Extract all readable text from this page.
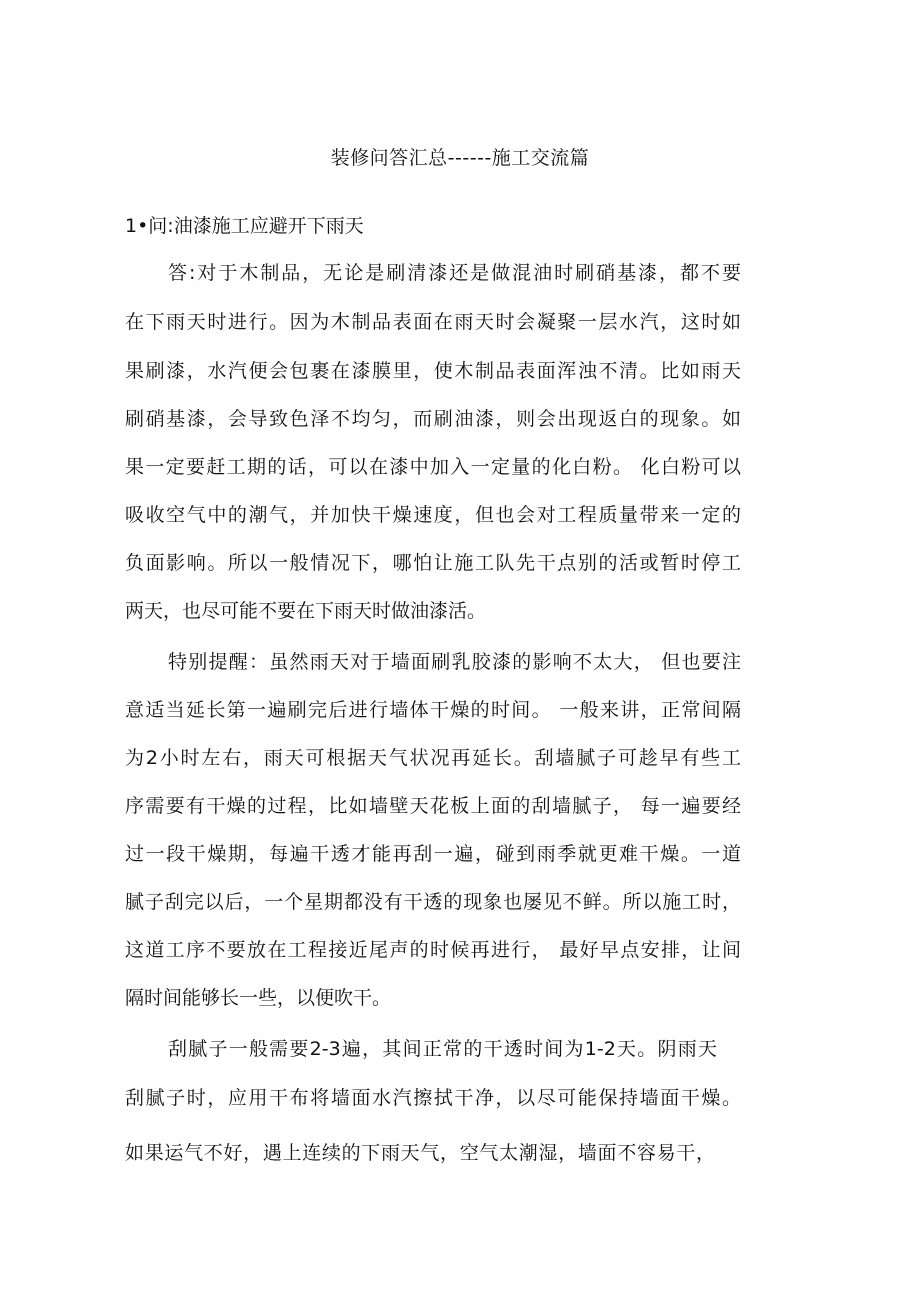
装修问答汇总------施工交流篇
1•问:油漆施工应避开下雨天
答:对于木制品，无论是刷清漆还是做混油时刷硝基漆，都不要
在下雨天时进行。因为木制品表面在雨天时会凝聚一层水汽，这时如
果刷漆，水汽便会包裹在漆膜里，使木制品表面浑浊不清。比如雨天
刷硝基漆，会导致色泽不均匀，而刷油漆，则会出现返白的现象。如
果一定要赶工期的话，可以在漆中加入一定量的化白粉。 化白粉可以
吸收空气中的潮气，并加快干燥速度，但也会对工程质量带来一定的
负面影响。所以一般情况下，哪怕让施工队先干点别的活或暂时停工
两天，也尽可能不要在下雨天时做油漆活。
特别提醒：虽然雨天对于墙面刷乳胶漆的影响不太大， 但也要注
意适当延长第一遍刷完后进行墙体干燥的时间。 一般来讲，正常间隔
为2小时左右，雨天可根据天气状况再延长。刮墙腻子可趁早有些工
序需要有干燥的过程，比如墙壁天花板上面的刮墙腻子， 每一遍要经
过一段干燥期，每遍干透才能再刮一遍，碰到雨季就更难干燥。一道
腻子刮完以后，一个星期都没有干透的现象也屡见不鲜。所以施工时，
这道工序不要放在工程接近尾声的时候再进行， 最好早点安排，让间
隔时间能够长一些，以便吹干。
刮腻子一般需要2-3遍，其间正常的干透时间为1-2天。阴雨天
刮腻子时，应用干布将墙面水汽擦拭干净，以尽可能保持墙面干燥。
如果运气不好，遇上连续的下雨天气，空气太潮湿，墙面不容易干，
